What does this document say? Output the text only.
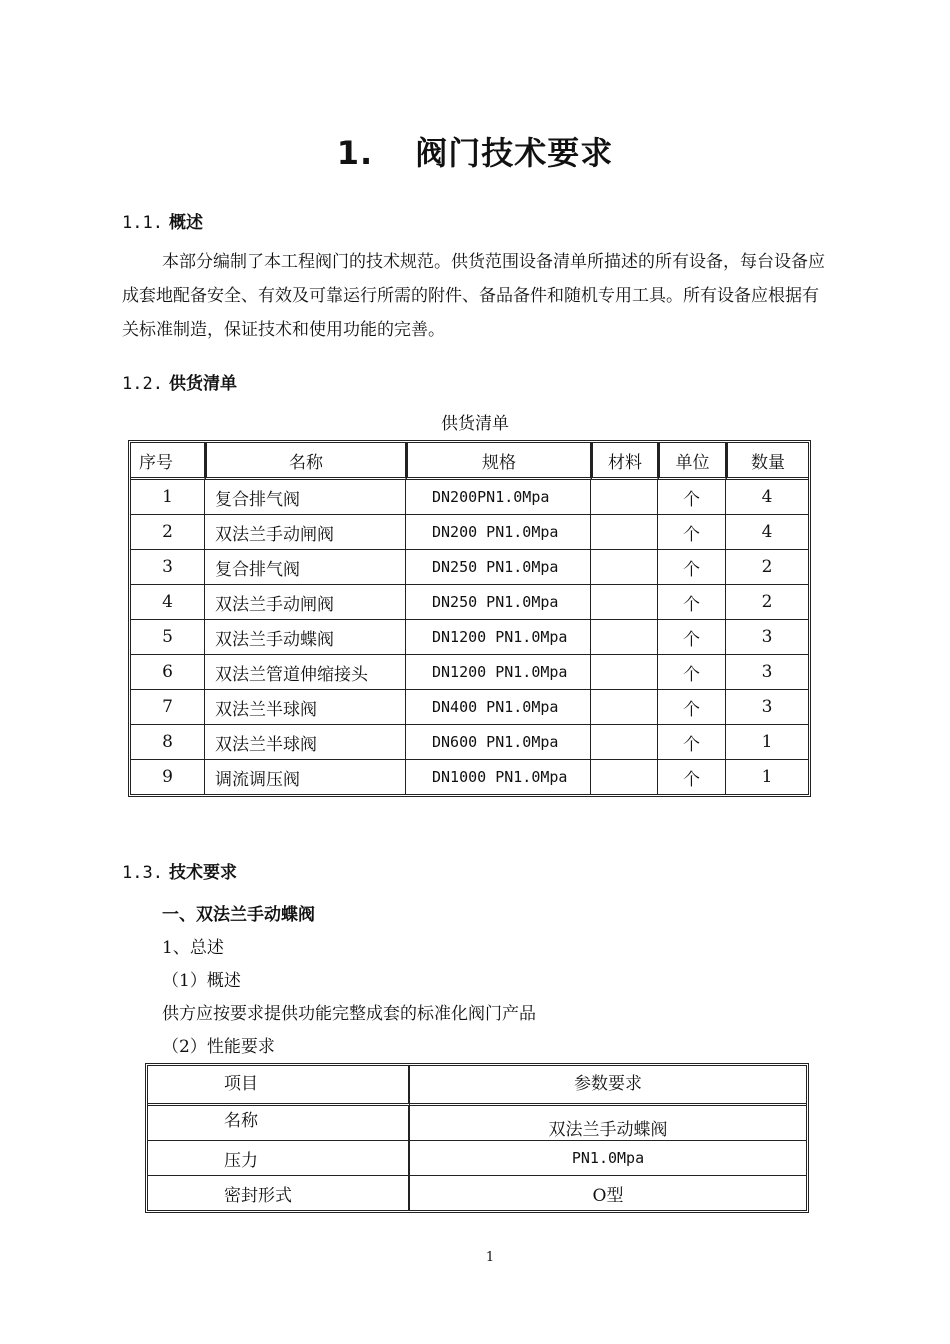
1. 阀门技术要求
1.1. 概述
本部分编制了本工程阀门的技术规范。供货范围设备清单所描述的所有设备，每台设备应成套地配备安全、有效及可靠运行所需的附件、备品备件和随机专用工具。所有设备应根据有关标准制造，保证技术和使用功能的完善。
1.2. 供货清单
供货清单
序号	名称	规格	材料	单位	数量
1	复合排气阀	DN200PN1.0Mpa		个	4
2	双法兰手动闸阀	DN200 PN1.0Mpa		个	4
3	复合排气阀	DN250 PN1.0Mpa		个	2
4	双法兰手动闸阀	DN250 PN1.0Mpa		个	2
5	双法兰手动蝶阀	DN1200 PN1.0Mpa		个	3
6	双法兰管道伸缩接头	DN1200 PN1.0Mpa		个	3
7	双法兰半球阀	DN400 PN1.0Mpa		个	3
8	双法兰半球阀	DN600 PN1.0Mpa		个	1
9	调流调压阀	DN1000 PN1.0Mpa		个	1
1.3. 技术要求
一、双法兰手动蝶阀
1、总述
（1）概述
供方应按要求提供功能完整成套的标准化阀门产品
（2）性能要求
项目	参数要求
名称	双法兰手动蝶阀
压力	PN1.0Mpa
密封形式	O型
1
